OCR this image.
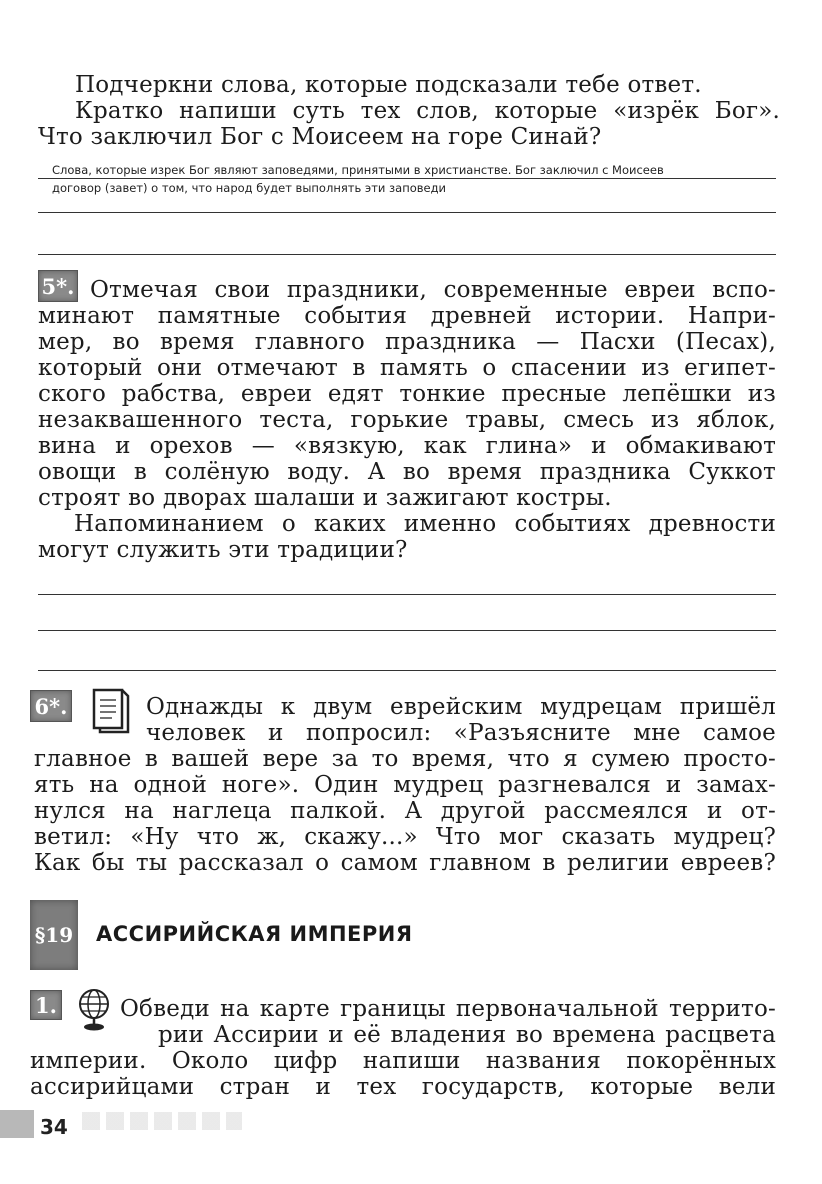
Подчеркни слова, которые подсказали тебе ответ.
Кратко напиши суть тех слов, которые «изрёк Бог».
Что заключил Бог с Моисеем на горе Синай?
Слова, которые изрек Бог являют заповедями, принятыми в христианстве. Бог заключил с Моисеев
договор (завет) о том, что народ будет выполнять эти заповеди
5*. Отмечая свои праздники, современные евреи вспо-
минают памятные события древней истории. Напри-
мер, во время главного праздника — Пасхи (Песах),
который они отмечают в память о спасении из египет-
ского рабства, евреи едят тонкие пресные лепёшки из
незаквашенного теста, горькие травы, смесь из яблок,
вина и орехов — «вязкую, как глина» и обмакивают
овощи в солёную воду. А во время праздника Суккот
строят во дворах шалаши и зажигают костры.
Напоминанием о каких именно событиях древности
могут служить эти традиции?
6*.	Однажды к двум еврейским мудрецам пришёл
человек и попросил: «Разъясните мне самое
главное в вашей вере за то время, что я сумею просто-
ять на одной ноге». Один мудрец разгневался и замах-
нулся на наглеца палкой. А другой рассмеялся и от-
ветил: «Ну что ж, скажу...» Что мог сказать мудрец?
Как бы ты рассказал о самом главном в религии евреев?
§19 АССИРИЙСКАЯ ИМПЕРИЯ
1.	Обведи на карте границы первоначальной террито-
рии Ассирии и её владения во времена расцвета
империи. Около цифр напиши названия покорённых
ассирийцами стран и тех государств, которые вели
34
